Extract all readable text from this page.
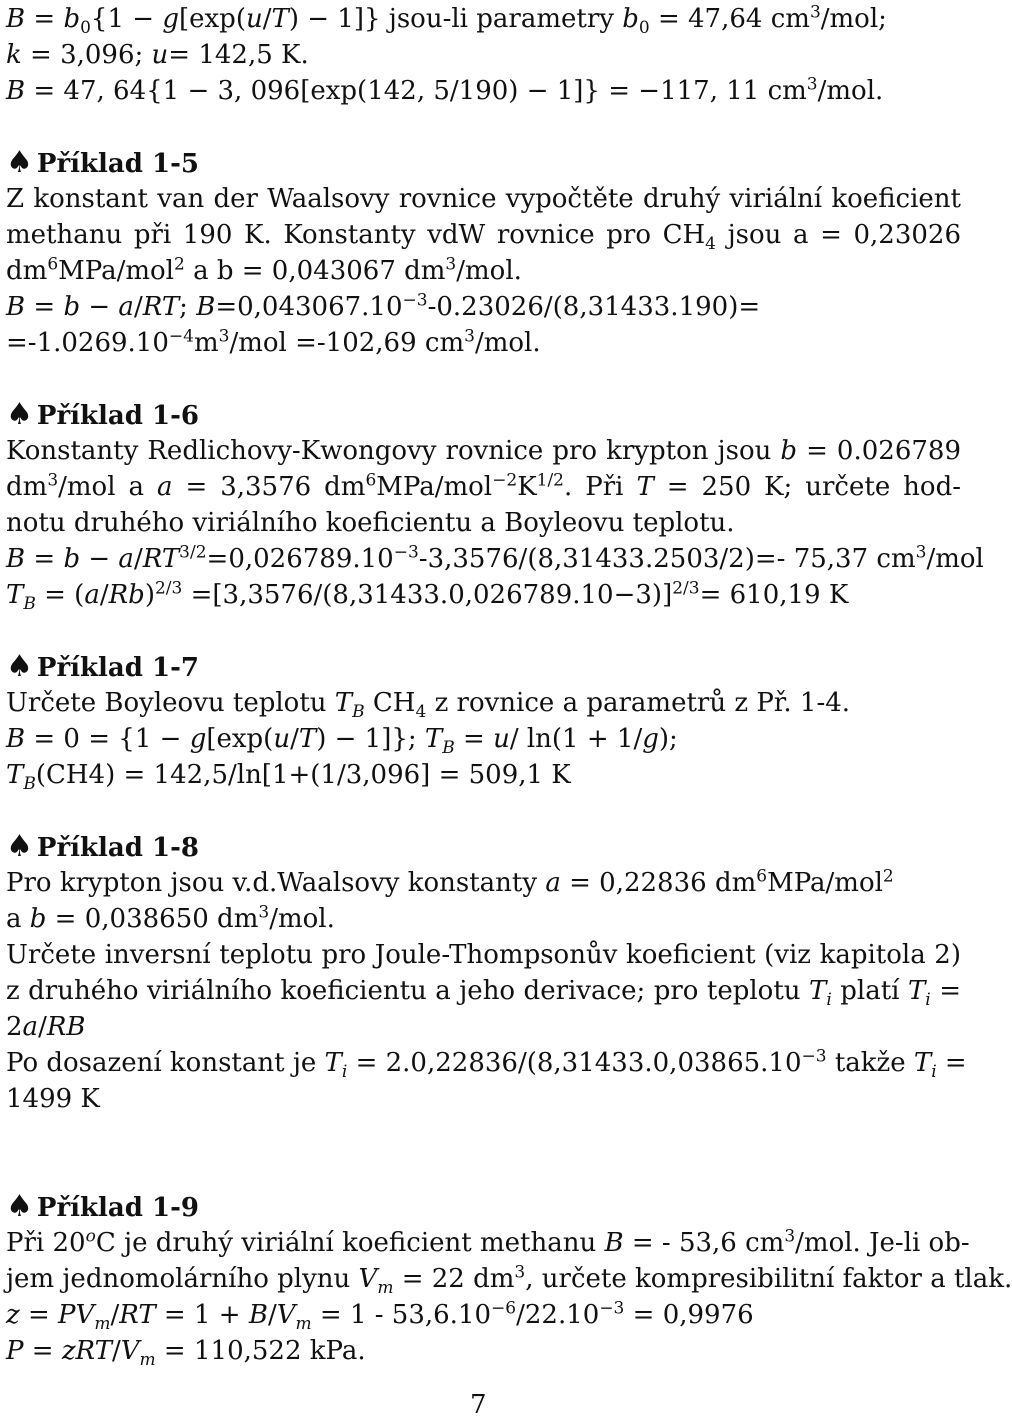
$B = b_0\{1 - g[\exp(u/T) - 1]\}$ jsou-li parametry $b_0 = 47,64$ $cm^3$/mol;
k = 3,096; u= 142,5 K.
B = 47, 64{1 − 3, 096[exp(142, 5/190) − 1]} = −117, 11 $cm^3$/mol.
♠ Příklad 1-5
Z konstant van der Waalsovy rovnice vypočtěte druhý viriální koeficient
methanu při 190 K. Konstanty vdW rovnice pro $CH_4$ jsou a = 0,23026
$dm^6MPa/mol^2$ a b = 0,043067 $dm^3$/mol.
B = b − a/RT; $B=0,043067.10^{-3}-0.23026/(8,31433.190)=$
$=-1.0269.10^{-4}m^3$/mol =-102,69 $cm^3$/mol.
♠ Příklad 1-6
Konstanty Redlichovy-Kwongovy rovnice pro krypton jsou b = 0.026789
$dm^3$/mol a a = 3,3576 $dm^6MPa/mol^{-2}K^{1/2}$. Při T = 250 K; určete hod-
notu druhého viriálního koeficientu a Boyleovu teplotu.
$B = b - a/RT^{3/2}=0,026789.10^{-3}-3,3576/(8,31433.2503/2)=-$ 75,37 $cm^3$/mol
$T_B = (a/Rb)^{2/3} =[3,3576/(8,31433.0,026789.10-3)]^{2/3}= 610,19$ K
♠ Příklad 1-7
Určete Boyleovu teplotu $T_B$ $CH_4$ z rovnice a parametrů z Př. 1-4.
B = 0 = {1 − g[exp(u/T) − 1]}; $T_B = u/$ ln(1 + 1/g);
$T_B(CH4) = 142,5/\ln[1+(1/3,096] = 509,1$ K
♠ Příklad 1-8
Pro krypton jsou v.d.Waalsovy konstanty a = 0,22836 $dm^6MPa/mol^2$
a b = 0,038650 $dm^3$/mol.
Určete inversní teplotu pro Joule-Thompsonův koeficient (viz kapitola 2)
z druhého viriálního koeficientu a jeho derivace; pro teplotu $T_i$ platí $T_i$ =
2a/RB
Po dosazení konstant je $T_i = 2.0,22836/(8,31433.0,03865.10^{-3}$ takže $T_i$ =
1499 K
♠ Příklad 1-9
Při 20$^o$C je druhý viriální koeficient methanu B = - 53,6 $cm^3$/mol. Je-li ob-
jem jednomolárního plynu $V_m = 22$ $dm^3$, určete kompresibilitní faktor a tlak.
$z = PV_m/RT = 1 + B/V_m = 1 - 53,6.10^{-6}/22.10^{-3} = 0,9976$
P = zRT/$V_m = 110,522$ kPa.
7
